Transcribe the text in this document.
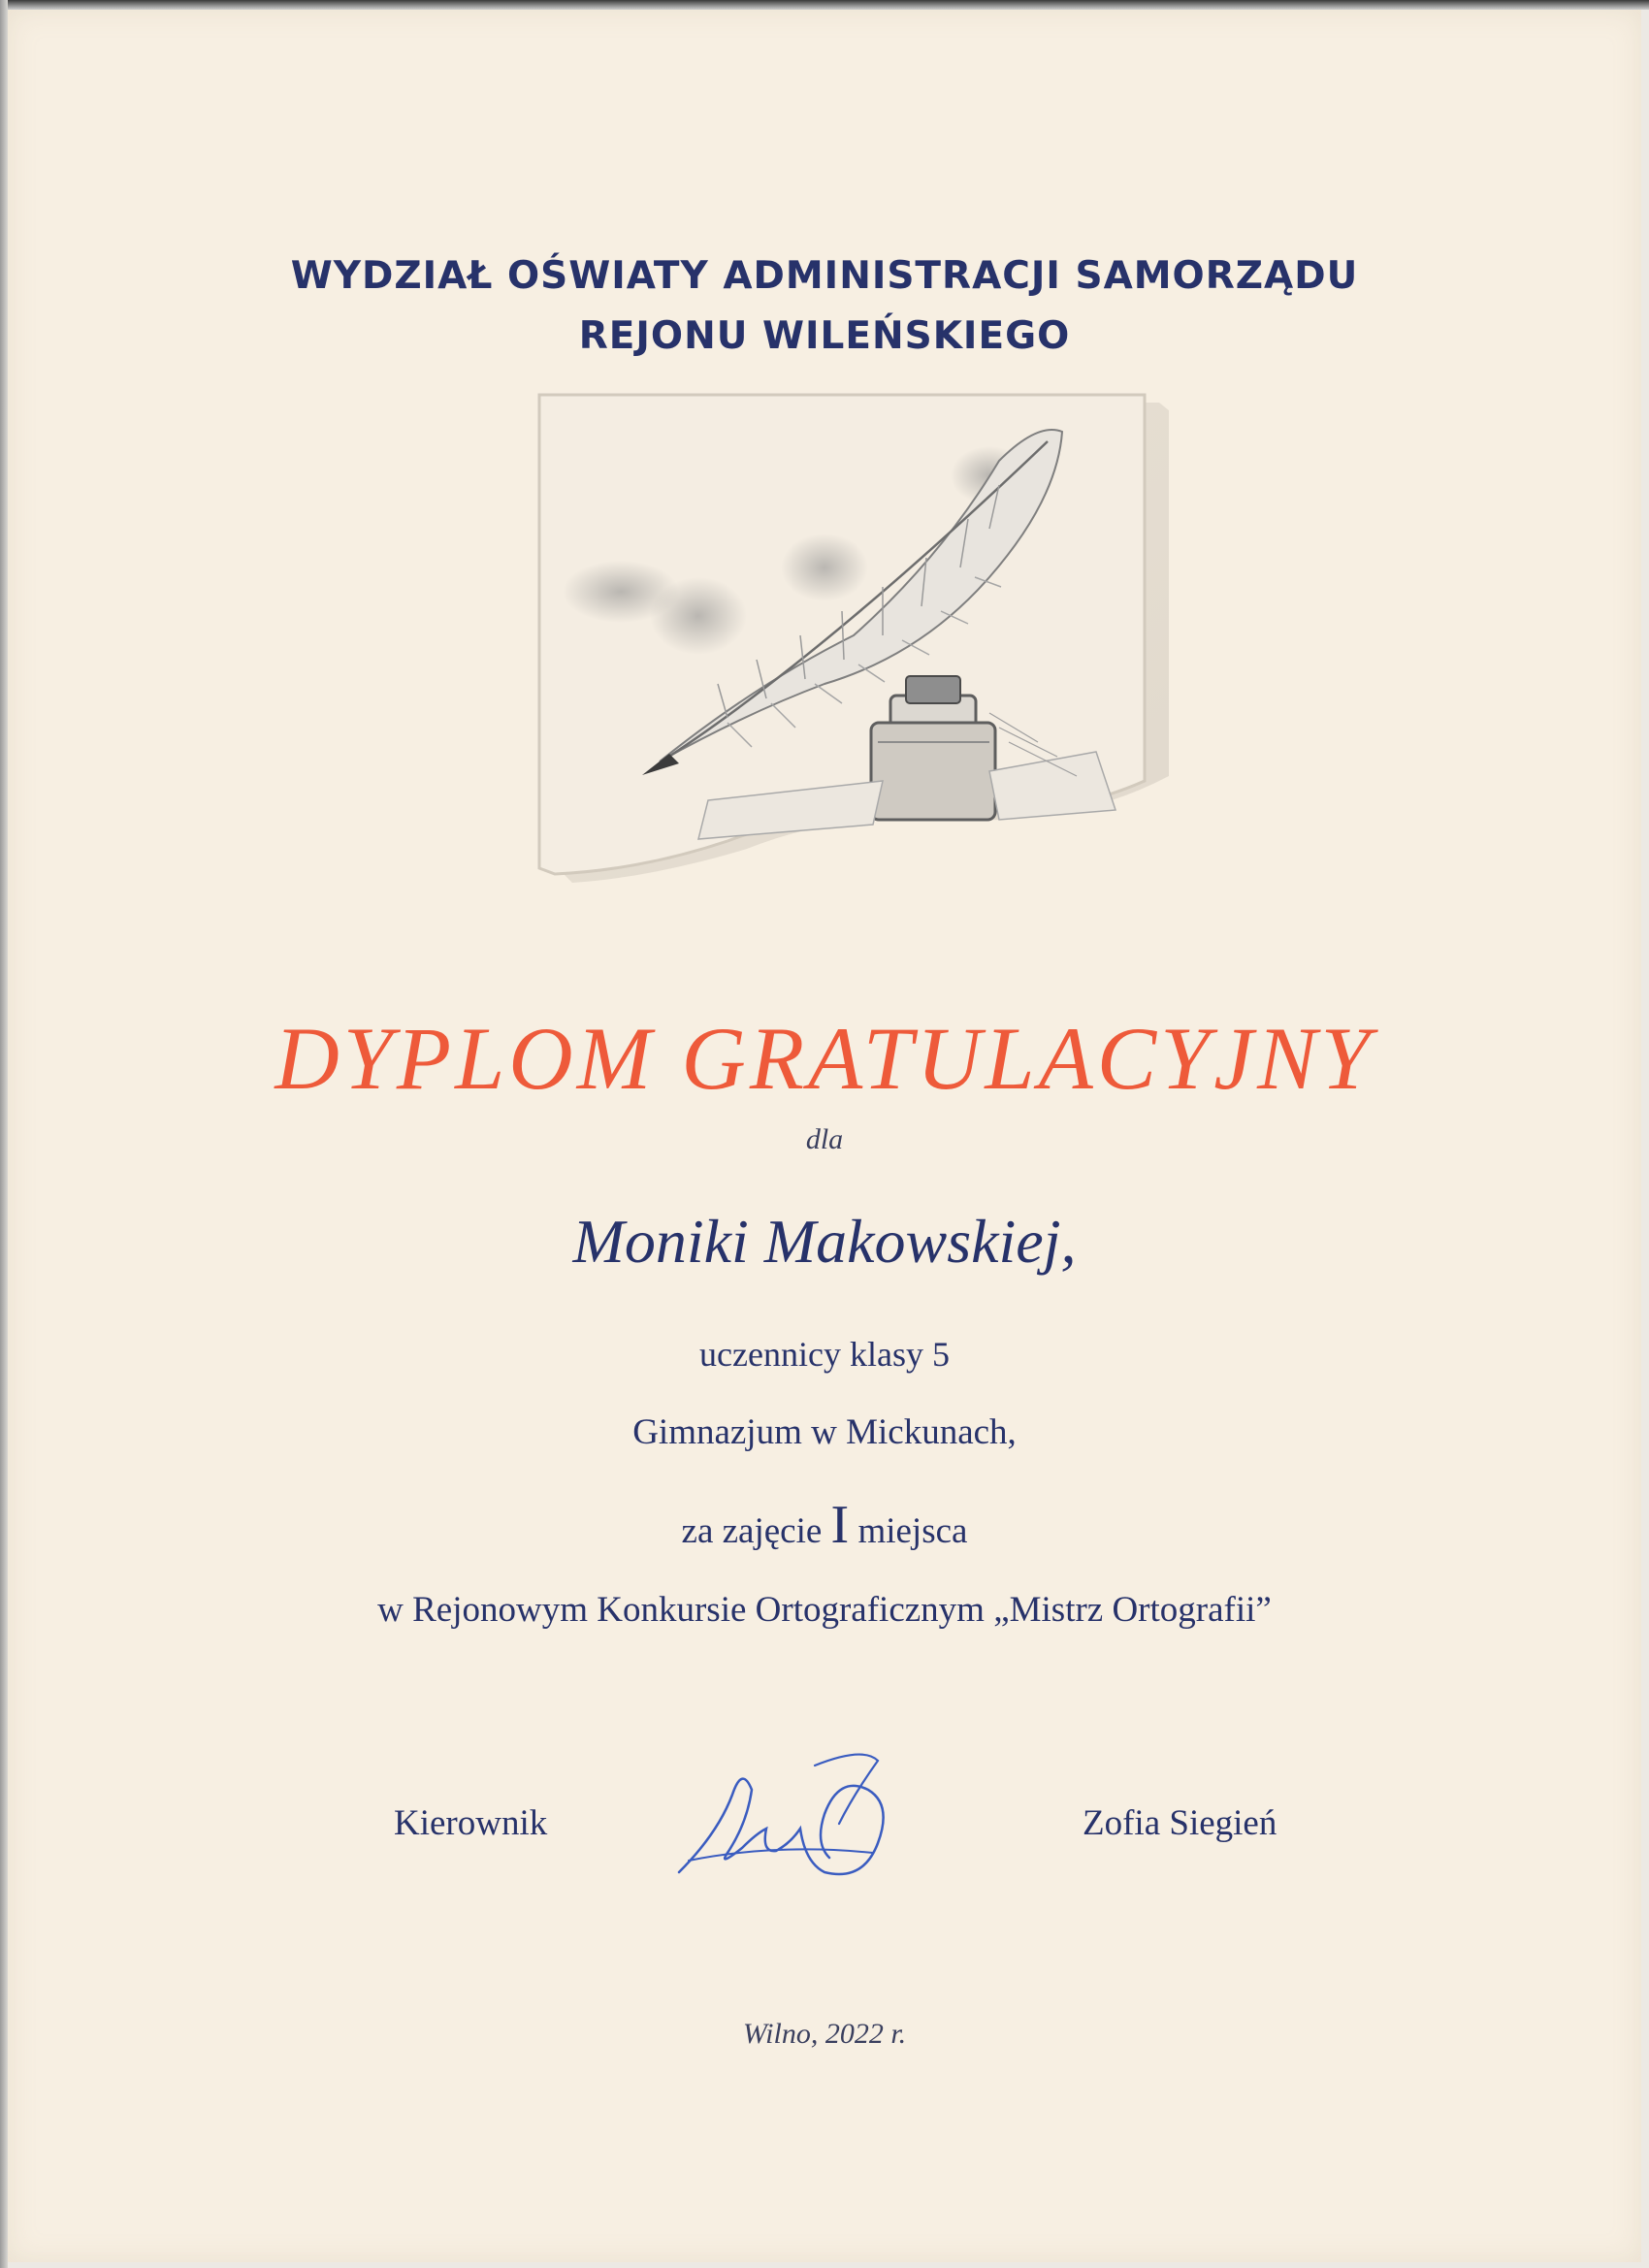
WYDZIAŁ OŚWIATY ADMINISTRACJI SAMORZĄDU
REJONU WILEŃSKIEGO
DYPLOM GRATULACYJNY
dla
Moniki Makowskiej,
uczennicy klasy 5
Gimnazjum w Mickunach,
za zajęcie I miejsca
w Rejonowym Konkursie Ortograficznym „Mistrz Ortografii”
Kierownik	Zofia Siegień
Wilno, 2022 r.
